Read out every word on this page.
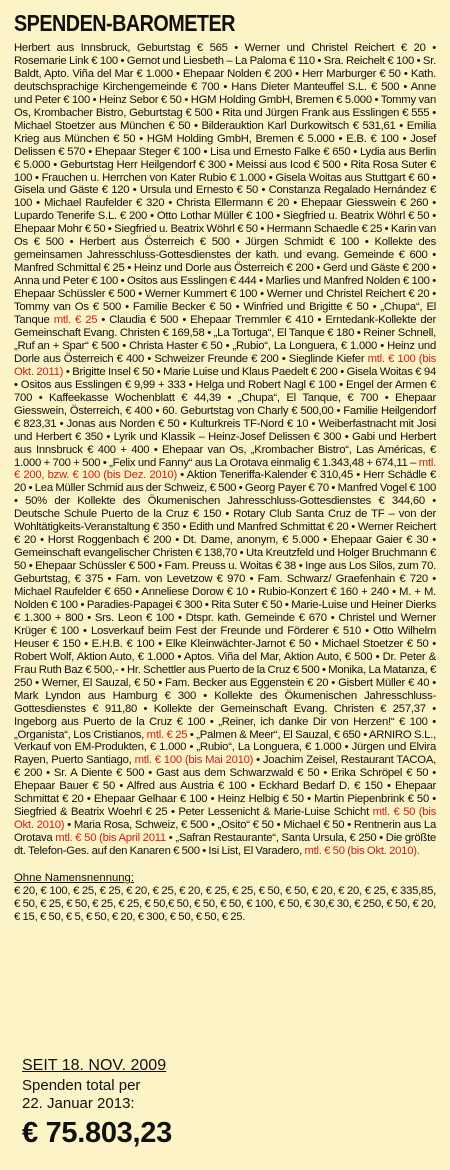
SPENDEN-BAROMETER
Herbert aus Innsbruck, Geburtstag € 565 • Werner und Christel Reichert € 20 • Rosemarie Link € 100 • Gernot und Liesbeth – La Paloma € 110 • Sra. Reichelt € 100 • Sr. Baldt, Apto. Viña del Mar € 1.000 • Ehepaar Nolden € 200 • Herr Marburger € 50 • Kath. deutschsprachige Kirchengemeinde € 700 • Hans Dieter Manteuffel S.L. € 500 • Anne und Peter € 100 • Heinz Sebor € 50 • HGM Holding GmbH, Bremen € 5.000 • Tommy van Os, Krombacher Bistro, Geburtstag € 500 • Rita und Jürgen Frank aus Esslingen € 555 • Michael Stoetzer aus München € 50 • Bilderauktion Karl Durkowitsch € 531,61 • Emilia Krieg aus München € 50 • HGM Holding GmbH, Bremen € 5.000 • E.B. € 100 • Josef Delissen € 570 • Ehepaar Steger € 100 • Lisa und Ernesto Falke € 650 • Lydia aus Berlin € 5.000 • Geburtstag Herr Heilgendorf € 300 • Meissi aus Icod € 500 • Rita Rosa Suter € 100 • Frauchen u. Herrchen von Kater Rubio € 1.000 • Gisela Woitas aus Stuttgart € 60 • Gisela und Gäste € 120 • Ursula und Ernesto € 50 • Constanza Regalado Hernández € 100 • Michael Raufelder € 320 • Christa Ellermann € 20 • Ehepaar Giesswein € 260 • Lupardo Tenerife S.L. € 200 • Otto Lothar Müller € 100 • Siegfried u. Beatrix Wöhrl € 50 • Ehepaar Mohr € 50 • Siegfried u. Beatrix Wöhrl € 50 • Hermann Schaedle € 25 • Karin van Os € 500 • Herbert aus Österreich € 500 • Jürgen Schmidt € 100 • Kollekte des gemeinsamen Jahresschluss-Gottesdienstes der kath. und evang. Gemeinde € 600 • Manfred Schmittal € 25 • Heinz und Dorle aus Österreich € 200 • Gerd und Gäste € 200 • Anna und Peter € 100 • Ositos aus Esslingen € 444 • Marlies und Manfred Nolden € 100 • Ehepaar Schüssler € 500 • Werner Kummert € 100 • Werner und Christel Reichert € 20 • Tommy van Os € 500 • Familie Becker € 50 • Winfried und Brigitte € 50 • „Chupa“, El Tanque mtl. € 25 • Claudia € 500 • Ehepaar Tremmler € 410 • Erntedank-Kollekte der Gemeinschaft Evang. Christen € 169,58 • „La Tortuga“, El Tanque € 180 • Reiner Schnell, „Ruf an + Spar“ € 500 • Christa Haster € 50 • „Rubio“, La Longuera, € 1.000 • Heinz und Dorle aus Österreich € 400 • Schweizer Freunde € 200 • Sieglinde Kiefer mtl. € 100 (bis Okt. 2011) • Brigitte Insel € 50 • Marie Luise und Klaus Paedelt € 200 • Gisela Woitas € 94 • Ositos aus Esslingen € 9,99 + 333 • Helga und Robert Nagl € 100 • Engel der Armen € 700 • Kaffeekasse Wochenblatt € 44,39 • „Chupa“, El Tanque, € 700 • Ehepaar Giesswein, Österreich, € 400 • 60. Geburtstag von Charly € 500,00 • Familie Heilgendorf € 823,31 • Jonas aus Norden € 50 • Kulturkreis TF-Nord € 10 • Weiberfastnacht mit Josi und Herbert € 350 • Lyrik und Klassik – Heinz-Josef Delissen € 300 • Gabi und Herbert aus Innsbruck € 400 + 400 • Ehepaar van Os, „Krombacher Bistro“, Las Américas, € 1.000 + 700 + 500 • „Felix und Fanny“ aus La Orotava einmalig € 1.343,48 + 674,11 – mtl. € 200, bzw. € 100 (bis Dez. 2010) • Aktion Teneriffa-Kalender € 310,45 • Herr Schädle € 20 • Lea Müller Schmid aus der Schweiz, € 500 • Georg Payer € 70 • Manfred Vogel € 100 • 50% der Kollekte des Ökumenischen Jahresschluss-Gottesdienstes € 344,60 • Deutsche Schule Puerto de la Cruz € 150 • Rotary Club Santa Cruz de TF – von der Wohltätigkeits-Veranstaltung € 350 • Edith und Manfred Schmittat € 20 • Werner Reichert € 20 • Horst Roggenbach € 200 • Dt. Dame, anonym, € 5.000 • Ehepaar Gaier € 30 • Gemeinschaft evangelischer Christen € 138,70 • Uta Kreutzfeld und Holger Bruchmann € 50 • Ehepaar Schüssler € 500 • Fam. Preuss u. Woitas € 38 • Inge aus Los Silos, zum 70. Geburtstag, € 375 • Fam. von Levetzow € 970 • Fam. Schwarz/ Graefenhain € 720 • Michael Raufelder € 650 • Anneliese Dorow € 10 • Rubio-Konzert € 160 + 240 • M. + M. Nolden € 100 • Paradies-Papagei € 300 • Rita Suter € 50 • Marie-Luise und Heiner Dierks € 1.300 + 800 • Srs. Leon € 100 • Dtspr. kath. Gemeinde € 670 • Christel und Werner Krüger € 100 • Losverkauf beim Fest der Freunde und Förderer € 510 • Otto Wilhelm Heuser € 150 • E.H.B. € 100 • Elke Kleinwächter-Jarnot € 50 • Michael Stoetzer € 50 • Robert Wolf, Aktion Auto, € 1.000 • Aptos. Viña del Mar, Aktion Auto, € 500 • Dr. Peter & Frau Ruth Baz € 500,- • Hr. Schettler aus Puerto de la Cruz € 500 • Monika, La Matanza, € 250 • Werner, El Sauzal, € 50 • Fam. Becker aus Eggenstein € 20 • Gisbert Müller € 40 • Mark Lyndon aus Hamburg € 300 • Kollekte des Ökumenischen Jahresschluss-Gottesdienstes € 911,80 • Kollekte der Gemeinschaft Evang. Christen € 257,37 • Ingeborg aus Puerto de la Cruz € 100 • „Reiner, ich danke Dir von Herzen!“ € 100 • „Organista“, Los Cristianos, mtl. € 25 • „Palmen & Meer“, El Sauzal, € 650 • ARNIRO S.L., Verkauf von EM-Produkten, € 1.000 • „Rubio“, La Longuera, € 1.000 • Jürgen und Elvira Rayen, Puerto Santiago, mtl. € 100 (bis Mai 2010) • Joachim Zeisel, Restaurant TACOA, € 200 • Sr. A Diente € 500 • Gast aus dem Schwarzwald € 50 • Erika Schröpel € 50 • Ehepaar Bauer € 50 • Alfred aus Austria € 100 • Eckhard Bedarf D. € 150 • Ehepaar Schmittat € 20 • Ehepaar Gelhaar € 100 • Heinz Helbig € 50 • Martin Piepenbrink € 50 • Siegfried & Beatrix Woehrl € 25 • Peter Lessenicht & Marie-Luise Schicht mtl. € 50 (bis Okt. 2010) • Maria Rosa, Schweiz, € 500 • „Osito“ € 50 • Michael € 50 • Rentnerin aus La Orotava mtl. € 50 (bis April 2011 • „Safran Restaurante“, Santa Ursula, € 250 • Die größte dt. Telefon-Ges. auf den Kanaren € 500 • Isi List, El Varadero, mtl. € 50 (bis Okt. 2010).
Ohne Namensnennung:
€ 20, € 100, € 25, € 25, € 20, € 25, € 20, € 25, € 25, € 50, € 50, € 20, € 20, € 25, € 335,85, € 50, € 25, € 50, € 25, € 25, € 50,€ 50, € 50, € 50, € 100, € 50, € 30,€ 30, € 250, € 50, € 20, € 15, € 50, € 5, € 50, € 20, € 300, € 50, € 50, € 25.
SEIT 18. NOV. 2009
Spenden total per
22. Januar 2013:
€ 75.803,23
